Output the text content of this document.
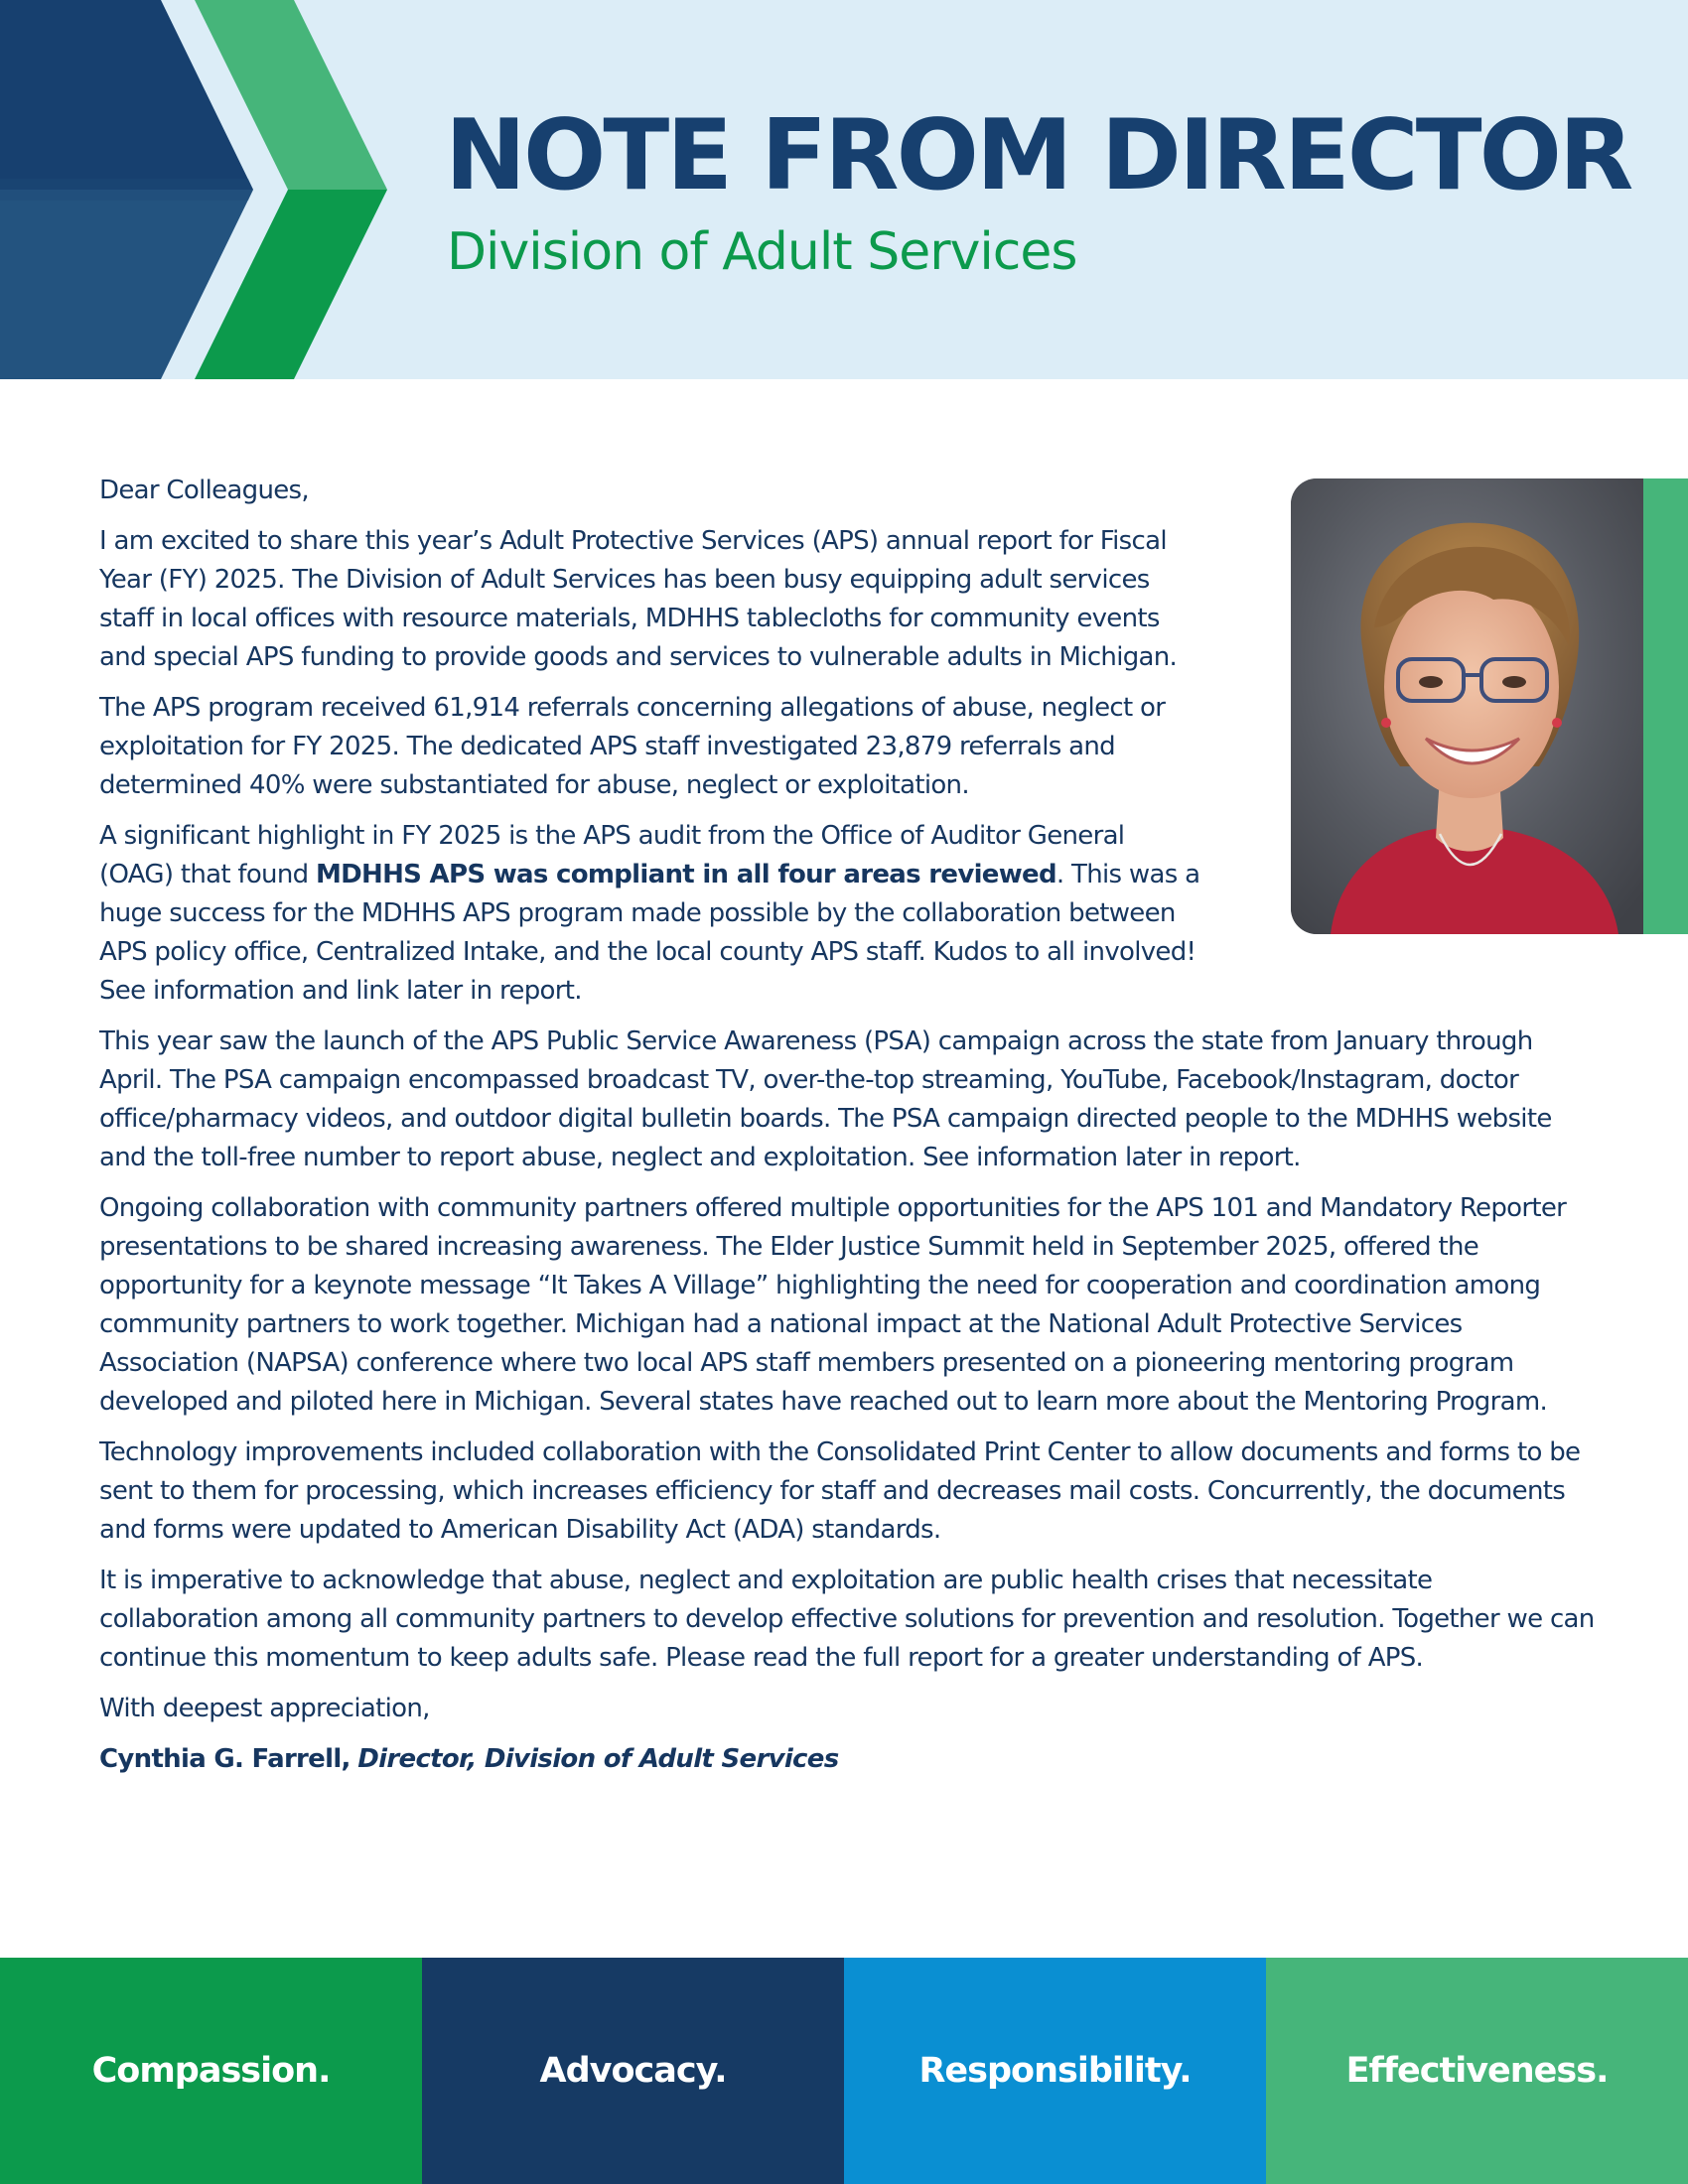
NOTE FROM DIRECTOR
Division of Adult Services

Dear Colleagues,

I am excited to share this year’s Adult Protective Services (APS) annual report for Fiscal Year (FY) 2025. The Division of Adult Services has been busy equipping adult services staff in local offices with resource materials, MDHHS tablecloths for community events and special APS funding to provide goods and services to vulnerable adults in Michigan.

The APS program received 61,914 referrals concerning allegations of abuse, neglect or exploitation for FY 2025. The dedicated APS staff investigated 23,879 referrals and determined 40% were substantiated for abuse, neglect or exploitation.

A significant highlight in FY 2025 is the APS audit from the Office of Auditor General (OAG) that found MDHHS APS was compliant in all four areas reviewed. This was a huge success for the MDHHS APS program made possible by the collaboration between APS policy office, Centralized Intake, and the local county APS staff. Kudos to all involved! See information and link later in report.

This year saw the launch of the APS Public Service Awareness (PSA) campaign across the state from January through April. The PSA campaign encompassed broadcast TV, over-the-top streaming, YouTube, Facebook/Instagram, doctor office/pharmacy videos, and outdoor digital bulletin boards. The PSA campaign directed people to the MDHHS website and the toll-free number to report abuse, neglect and exploitation. See information later in report.

Ongoing collaboration with community partners offered multiple opportunities for the APS 101 and Mandatory Reporter presentations to be shared increasing awareness. The Elder Justice Summit held in September 2025, offered the opportunity for a keynote message “It Takes A Village” highlighting the need for cooperation and coordination among community partners to work together. Michigan had a national impact at the National Adult Protective Services Association (NAPSA) conference where two local APS staff members presented on a pioneering mentoring program developed and piloted here in Michigan. Several states have reached out to learn more about the Mentoring Program.

Technology improvements included collaboration with the Consolidated Print Center to allow documents and forms to be sent to them for processing, which increases efficiency for staff and decreases mail costs. Concurrently, the documents and forms were updated to American Disability Act (ADA) standards.

It is imperative to acknowledge that abuse, neglect and exploitation are public health crises that necessitate collaboration among all community partners to develop effective solutions for prevention and resolution. Together we can continue this momentum to keep adults safe. Please read the full report for a greater understanding of APS.

With deepest appreciation,

Cynthia G. Farrell, Director, Division of Adult Services

Compassion.	Advocacy.	Responsibility.	Effectiveness.
